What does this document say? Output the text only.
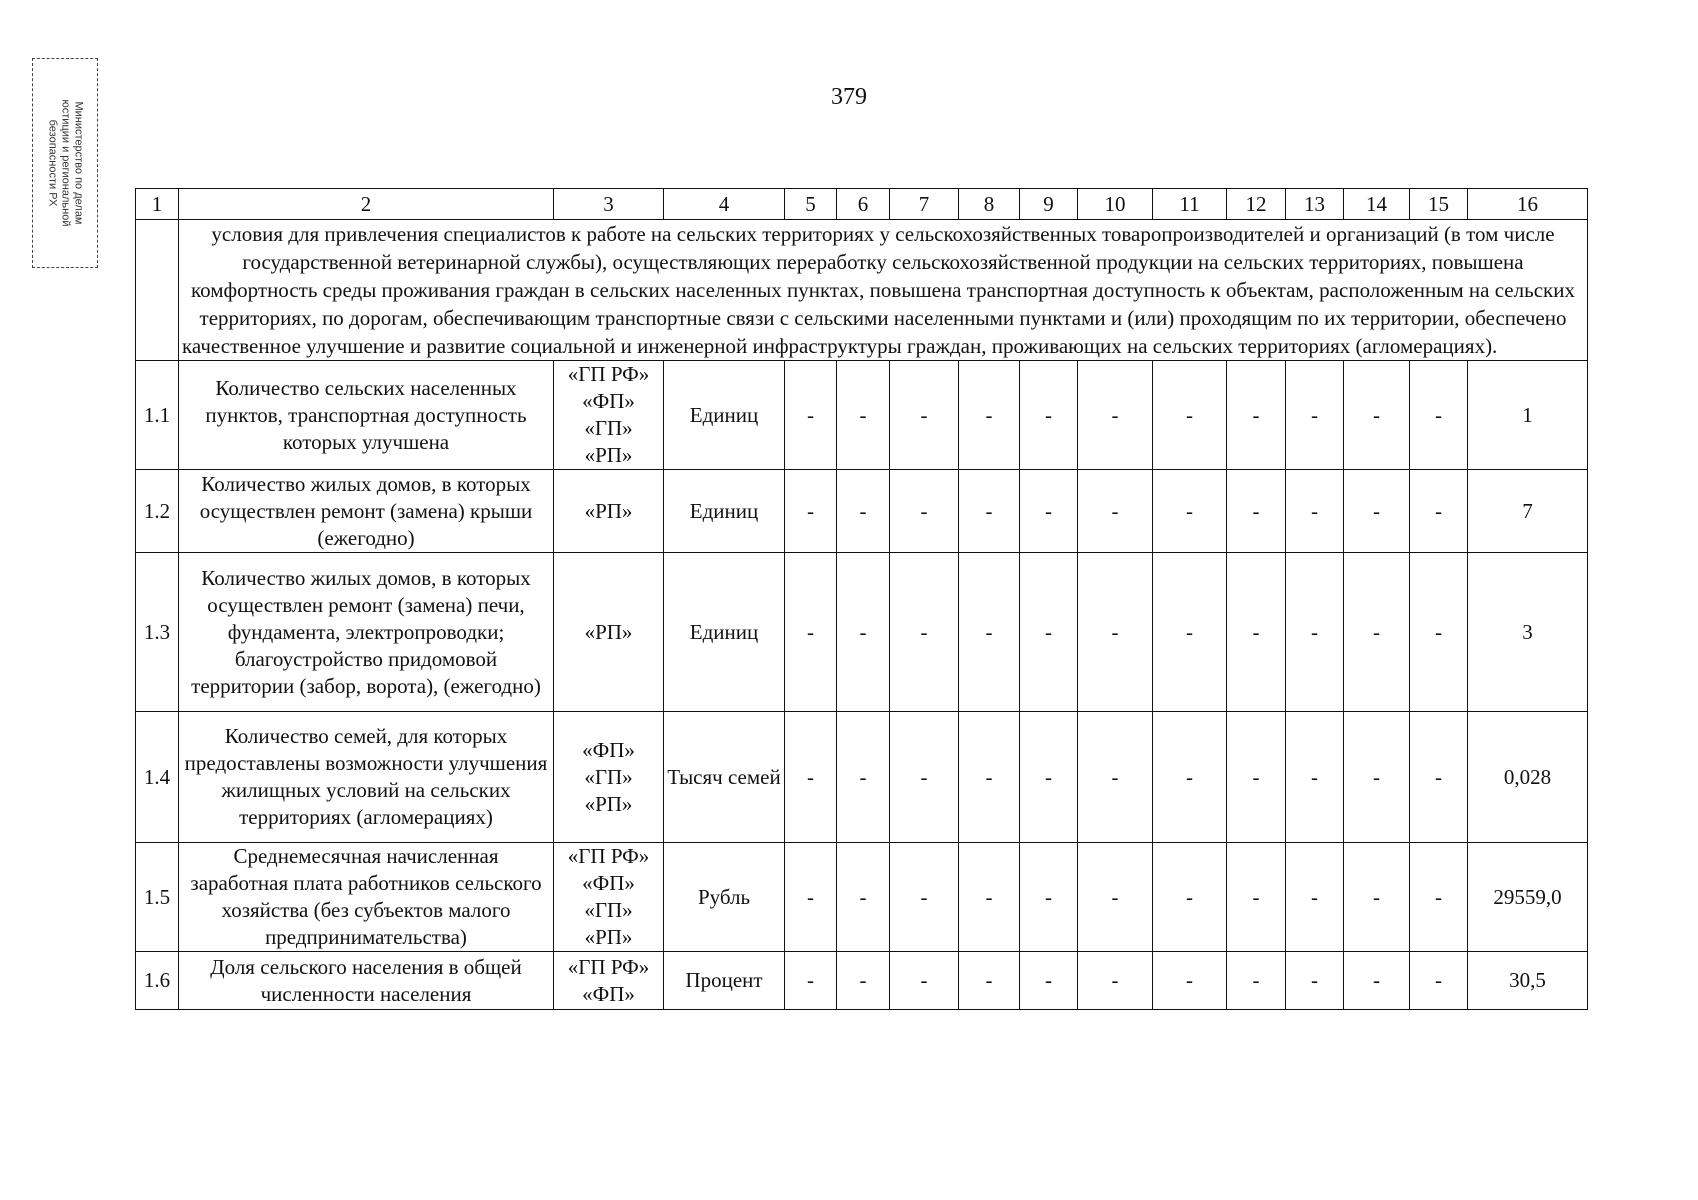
379
Министерство по делам
юстиции и региональной
безопасности РХ	1	2	3	4	5	6	7	8	9	10	11	12	13	14	15	16
	условия для привлечения специалистов к работе на сельских территориях у сельскохозяйственных товаропроизводителей и организаций (в том числе государственной ветеринарной службы), осуществляющих переработку сельскохозяйственной продукции на сельских территориях, повышена комфортность среды проживания граждан в сельских населенных пунктах, повышена транспортная доступность к объектам, расположенным на сельских территориях, по дорогам, обеспечивающим транспортные связи с сельскими населенными пунктами и (или) проходящим по их территории, обеспечено качественное улучшение и развитие социальной и инженерной инфраструктуры граждан, проживающих на сельских территориях (агломерациях).														
1.1	Количество сельских населенных пунктов, транспортная доступность которых улучшена	«ГП РФ»
«ФП»
«ГП»
«РП»	Единиц	-	-	-	-	-	-	-	-	-	-	-	1
1.2	Количество жилых домов, в которых осуществлен ремонт (замена) крыши (ежегодно)	«РП»	Единиц	-	-	-	-	-	-	-	-	-	-	-	7
1.3	Количество жилых домов, в которых осуществлен ремонт (замена) печи, фундамента, электропроводки; благоустройство придомовой территории (забор, ворота), (ежегодно)	«РП»	Единиц	-	-	-	-	-	-	-	-	-	-	-	3
1.4	Количество семей, для которых предоставлены возможности улучшения жилищных условий на сельских территориях (агломерациях)	«ФП»
«ГП»
«РП»	Тысяч семей	-	-	-	-	-	-	-	-	-	-	-	0,028
1.5	Среднемесячная начисленная заработная плата работников сельского хозяйства (без субъектов малого предпринимательства)	«ГП РФ»
«ФП»
«ГП»
«РП»	Рубль	-	-	-	-	-	-	-	-	-	-	-	29559,0
1.6	Доля сельского населения в общей численности населения	«ГП РФ»
«ФП»	Процент	-	-	-	-	-	-	-	-	-	-	-	30,5
